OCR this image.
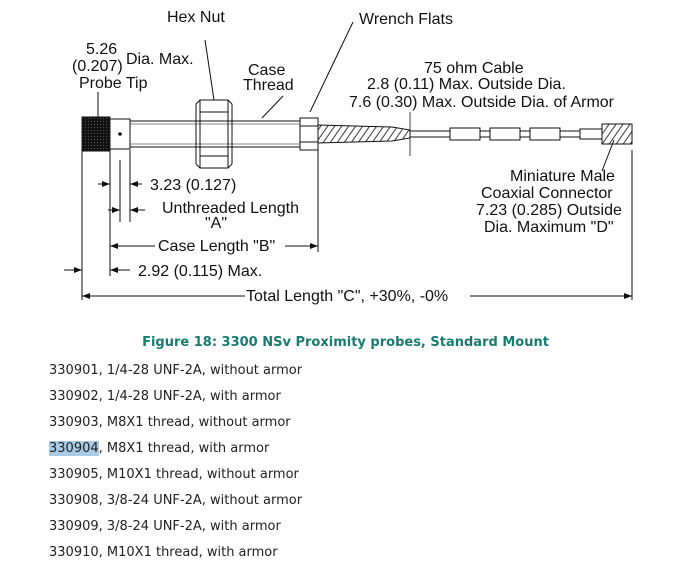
Hex Nut	Wrench Flats
5.26
(0.207) Dia. Max.
Probe Tip
Case
Thread
75 ohm Cable
2.8 (0.11) Max. Outside Dia.
7.6 (0.30) Max. Outside Dia. of Armor
Miniature Male
Coaxial Connector
7.23 (0.285) Outside
Dia. Maximum "D"
3.23 (0.127)
Unthreaded Length
"A"
Case Length "B"
2.92 (0.115) Max.
Total Length "C", +30%, -0%
Figure 18: 3300 NSv Proximity probes, Standard Mount
330901, 1/4-28 UNF-2A, without armor
330902, 1/4-28 UNF-2A, with armor
330903, M8X1 thread, without armor
330904, M8X1 thread, with armor
330905, M10X1 thread, without armor
330908, 3/8-24 UNF-2A, without armor
330909, 3/8-24 UNF-2A, with armor
330910, M10X1 thread, with armor
